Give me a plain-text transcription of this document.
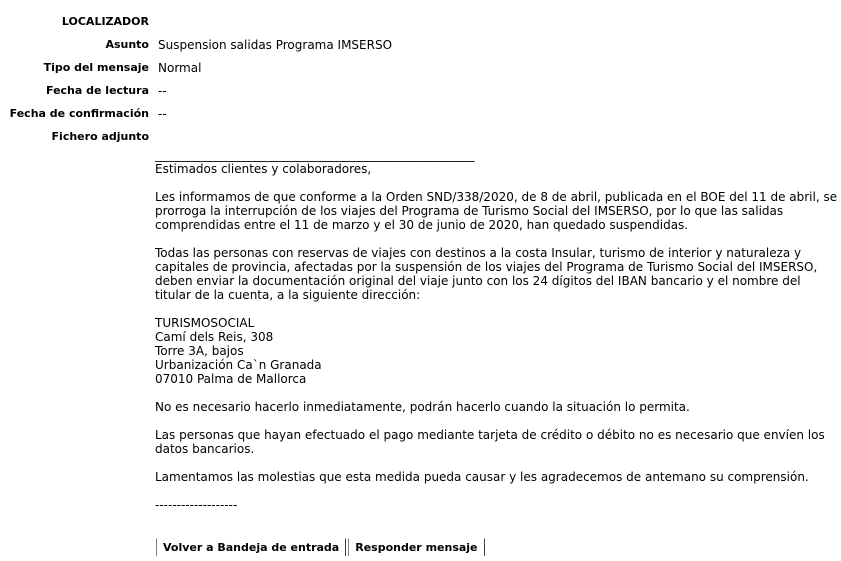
LOCALIZADOR	
Asunto	Suspension salidas Programa IMSERSO
Tipo del mensaje	Normal
Fecha de lectura	--
Fecha de confirmación	--
Fichero adjunto	
__________________________________________________________

Estimados clientes y colaboradores,

Les informamos de que conforme a la Orden SND/338/2020, de 8 de abril, publicada en el BOE del 11 de abril, se prorroga la interrupción de los viajes del Programa de Turismo Social del IMSERSO, por lo que las salidas comprendidas entre el 11 de marzo y el 30 de junio de 2020, han quedado suspendidas.

Todas las personas con reservas de viajes con destinos a la costa Insular, turismo de interior y naturaleza y capitales de provincia, afectadas por la suspensión de los viajes del Programa de Turismo Social del IMSERSO, deben enviar la documentación original del viaje junto con los 24 dígitos del IBAN bancario y el nombre del titular de la cuenta, a la siguiente dirección:

TURISMOSOCIAL
Camí dels Reis, 308
Torre 3A, bajos
Urbanización Ca`n Granada
07010 Palma de Mallorca

No es necesario hacerlo inmediatamente, podrán hacerlo cuando la situación lo permita.

Las personas que hayan efectuado el pago mediante tarjeta de crédito o débito no es necesario que envíen los datos bancarios.

Lamentamos las molestias que esta medida pueda causar y les agradecemos de antemano su comprensión.

-------------------
Volver a Bandeja de entrada Responder mensaje
